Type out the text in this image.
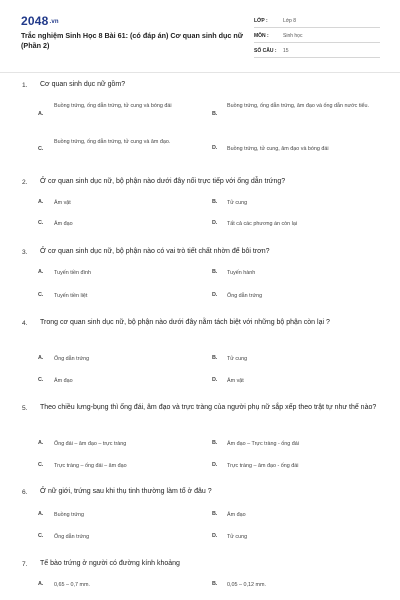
2048.vn
Trắc nghiệm Sinh Học 8 Bài 61: (có đáp án) Cơ quan sinh dục nữ (Phần 2)
LỚP :	Lớp 8
MÔN :	Sinh học
SỐ CÂU : 15
1. Cơ quan sinh dục nữ gồm?
A.
Buồng trứng, ống dẫn trứng, tử cung và bóng đái
B.
Buồng trứng, ống dẫn trứng, âm đạo và ống dẫn nước tiểu.
C.
Buồng trứng, ống dẫn trứng, tử cung và âm đạo.
D. Buồng trứng, tử cung, âm đạo và bóng đái
2. Ở cơ quan sinh dục nữ, bộ phận nào dưới đây nối trực tiếp với ống dẫn trứng?
A. Âm vật	B. Tử cung
C. Âm đạo	D. Tất cả các phương án còn lại
3. Ở cơ quan sinh dục nữ, bộ phận nào có vai trò tiết chất nhờn để bôi trơn?
A. Tuyến tiền đình	B. Tuyến hành
C. Tuyến tiền liệt	D. Ống dẫn trứng
4. Trong cơ quan sinh dục nữ, bộ phận nào dưới đây nằm tách biệt với những bộ phận còn lại ?
A. Ống dẫn trứng	B. Tử cung
C. Âm đạo	D. Âm vật
5. Theo chiều lưng-bụng thì ống đái, âm đạo và trực tràng của người phụ nữ sắp xếp theo trật tự như thế nào?
A. Ống đái – âm đạo – trực tràng	B. Âm đạo – Trực tràng - ống đái
C. Trực tràng – ống đái – âm đạo	D. Trực tràng – âm đạo - ống đái
6. Ở nữ giới, trứng sau khi thụ tinh thường làm tổ ở đâu ?
A. Buồng trứng	B. Âm đạo
C. Ống dẫn trứng	D. Tử cung
7. Tế bào trứng ở người có đường kính khoảng
A. 0,65 – 0,7 mm.	B. 0,05 – 0,12 mm.
